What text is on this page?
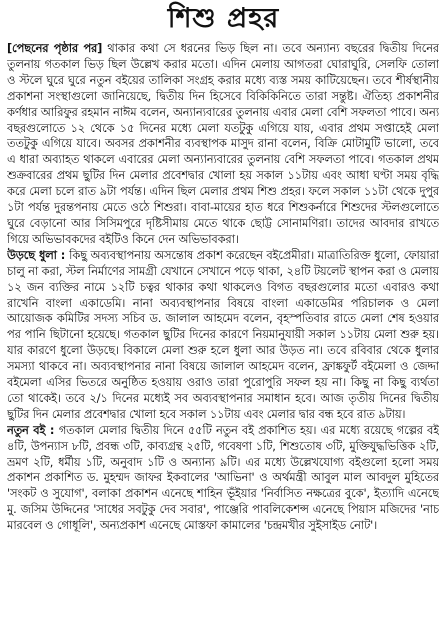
শিশু প্রহর

[পেছনের পৃষ্ঠার পর] থাকার কথা সে ধরনের ভিড় ছিল না। তবে অন্যান্য বছরের দ্বিতীয় দিনের তুলনায় গতকাল ভিড় ছিল উল্লেখ করার মতো। এদিন মেলায় আগতরা ঘোরাঘুরি, সেলফি তোলা ও স্টলে ঘুরে ঘুরে নতুন বইয়ের তালিকা সংগ্রহ করার মধ্যে ব্যস্ত সময় কাটিয়েছেন। তবে শীর্ষস্থানীয় প্রকাশনা সংস্থাগুলো জানিয়েছে, দ্বিতীয় দিন হিসেবে বিকিকিনিতে তারা সন্তুষ্ট। ঐতিহ্য প্রকাশনীর কর্ণধার আরিফুর রহমান নাঈম বলেন, অন্যান্যবারের তুলনায় এবার মেলা বেশি সফলতা পাবে। অন্য বছরগুলোতে ১২ থেকে ১৫ দিনের মধ্যে মেলা যতটুকু এগিয়ে যায়, এবার প্রথম সপ্তাহেই মেলা ততটুকু এগিয়ে যাবে। অবসর প্রকাশনীর ব্যবস্থাপক মাসুদ রানা বলেন, বিক্রি মোটামুটি ভালো, তবে এ ধারা অব্যাহত থাকলে এবারের মেলা অন্যান্যবারের তুলনায় বেশি সফলতা পাবে। গতকাল প্রথম শুক্রবারের প্রথম ছুটির দিন মেলার প্রবেশদ্বার খোলা হয় সকাল ১১টায় এবং আধা ঘণ্টা সময় বৃদ্ধি করে মেলা চলে রাত ৯টা পর্যন্ত। এদিন ছিল মেলার প্রথম শিশু প্রহর। ফলে সকাল ১১টা থেকে দুপুর ১টা পর্যন্ত দুরন্তপনায় মেতে ওঠে শিশুরা। বাবা-মায়ের হাত ধরে শিশুকর্নারে শিশুদের স্টলগুলোতে ঘুরে বেড়ানো আর সিসিমপুরে দৃষ্টিসীমায় মেতে থাকে ছোট্ট সোনামণিরা। তাদের আবদার রাখতে গিয়ে অভিভাবকদের বইটিও কিনে দেন অভিভাবকরা।

উড়ছে ধুলা : কিছু অব্যবস্থাপনায় অসন্তোষ প্রকাশ করেছেন বইপ্রেমীরা। মাত্রাতিরিক্ত ধুলো, ফোয়ারা চালু না করা, স্টল নির্মাণের সামগ্রী যেখানে সেখানে পড়ে থাকা, ২৪টি টয়লেট স্থাপন করা ও মেলায় ১২ জন ব্যক্তির নামে ১২টি চত্বর থাকার কথা থাকলেও বিগত বছরগুলোর মতো এবারও কথা রাখেনি বাংলা একাডেমি। নানা অব্যবস্থাপনার বিষয়ে বাংলা একাডেমির পরিচালক ও মেলা আয়োজক কমিটির সদস্য সচিব ড. জালাল আহমেদ বলেন, বৃহস্পতিবার রাতে মেলা শেষ হওয়ার পর পানি ছিটানো হয়েছে। গতকাল ছুটির দিনের কারণে নিয়মানুযায়ী সকাল ১১টায় মেলা শুরু হয়। যার কারণে ধুলো উড়ছে। বিকালে মেলা শুরু হলে ধুলা আর উড়ত না। তবে রবিবার থেকে ধুলার সমস্যা থাকবে না। অব্যবস্থাপনার নানা বিষয়ে জালাল আহমেদ বলেন, ফ্রাঙ্কফুর্ট বইমেলা ও জেদ্দা বইমেলা এসির ভিতরে অনুষ্ঠিত হওয়ায় ওরাও তারা পুরোপুরি সফল হয় না। কিছু না কিছু ব্যর্থতা তো থাকেই। তবে ২/১ দিনের মধ্যেই সব অব্যবস্থাপনার সমাধান হবে। আজ তৃতীয় দিনের দ্বিতীয় ছুটির দিন মেলার প্রবেশদ্বার খোলা হবে সকাল ১১টায় এবং মেলার দ্বার বন্ধ হবে রাত ৯টায়।

নতুন বই : গতকাল মেলার দ্বিতীয় দিনে ৫৫টি নতুন বই প্রকাশিত হয়। এর মধ্যে রয়েছে গল্পের বই ৪টি, উপন্যাস ৮টি, প্রবন্ধ ৩টি, কাব্যগ্রন্থ ২৫টি, গবেষণা ১টি, শিশুতোষ ৩টি, মুক্তিযুদ্ধভিত্তিক ২টি, ভ্রমণ ২টি, ধর্মীয় ১টি, অনুবাদ ১টি ও অন্যান্য ৯টি। এর মধ্যে উল্লেখযোগ্য বইগুলো হলো সময় প্রকাশন প্রকাশিত ড. মুহম্মদ জাফর ইকবালের 'আভিনা' ও অর্থমন্ত্রী আবুল মাল আবদুল মুহিতের 'সংকট ও সুযোগ', বলাকা প্রকাশন এনেছে শাহিন ভূঁইয়ার 'নির্বাসিত নক্ষত্রের বুকে', ইত্যাদি এনেছে মু. জসিম উদ্দিনের 'সাধের সবটুকু দেব সবার', পাঞ্জেরি পাবলিকেশন্স এনেছে পিয়াস মজিদের 'নাচ মারবেল ও গোধূলি', অন্যপ্রকাশ এনেছে মোস্তফা কামালের 'চন্দ্রমখীর সুইসাইড নোট'।
